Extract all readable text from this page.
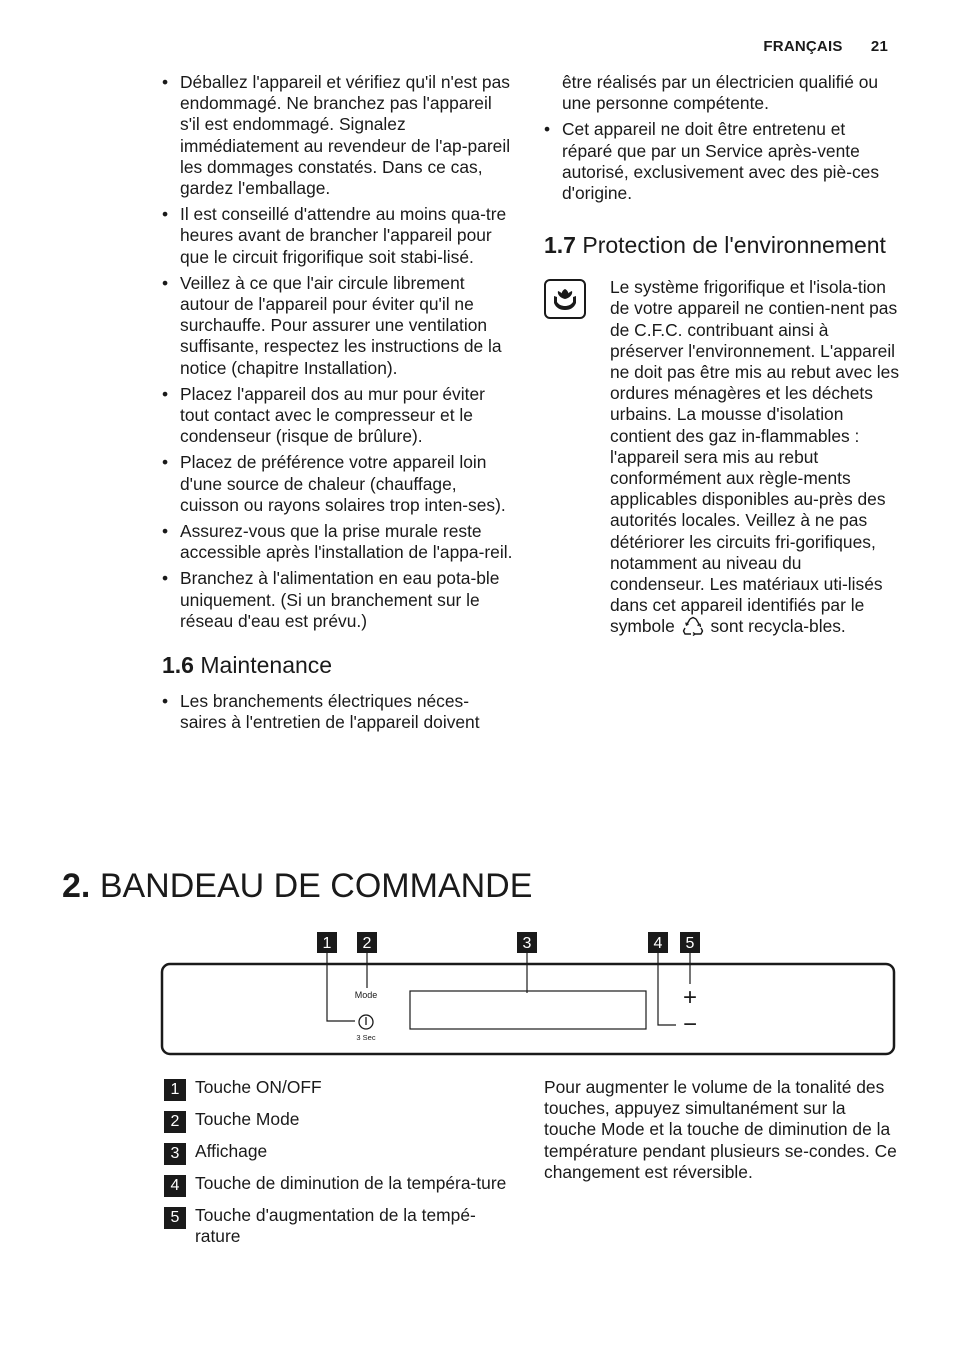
FRANÇAIS 21
• Déballez l'appareil et vérifiez qu'il n'est pas endommagé. Ne branchez pas l'appareil s'il est endommagé. Signalez immédiatement au revendeur de l'ap-pareil les dommages constatés. Dans ce cas, gardez l'emballage.
• Il est conseillé d'attendre au moins qua-tre heures avant de brancher l'appareil pour que le circuit frigorifique soit stabi-lisé.
• Veillez à ce que l'air circule librement autour de l'appareil pour éviter qu'il ne surchauffe. Pour assurer une ventilation suffisante, respectez les instructions de la notice (chapitre Installation).
• Placez l'appareil dos au mur pour éviter tout contact avec le compresseur et le condenseur (risque de brûlure).
• Placez de préférence votre appareil loin d'une source de chaleur (chauffage, cuisson ou rayons solaires trop inten-ses).
• Assurez-vous que la prise murale reste accessible après l'installation de l'appa-reil.
• Branchez à l'alimentation en eau pota-ble uniquement. (Si un branchement sur le réseau d'eau est prévu.)
1.6 Maintenance
• Les branchements électriques néces-saires à l'entretien de l'appareil doivent

être réalisés par un électricien qualifié ou une personne compétente.

• Cet appareil ne doit être entretenu et réparé que par un Service après-vente autorisé, exclusivement avec des piè-ces d'origine.
1.7 Protection de l'environnement

Le système frigorifique et l'isola-tion de votre appareil ne contien-nent pas de C.F.C. contribuant ainsi à préserver l'environnement. L'appareil ne doit pas être mis au rebut avec les ordures ménagères et les déchets urbains. La mousse d'isolation contient des gaz in-flammables : l'appareil sera mis au rebut conformément aux règle-ments applicables disponibles au-près des autorités locales. Veillez à ne pas détériorer les circuits fri-gorifiques, notamment au niveau du condenseur. Les matériaux uti-lisés dans cet appareil identifiés par le symbole sont recycla-bles.

2. BANDEAU DE COMMANDE
1 2	3	4 5
Mode
3 Sec
+
−
1 Touche ON/OFF
2 Touche Mode
3 Affichage
4 Touche de diminution de la tempéra-ture
5 Touche d'augmentation de la tempé-rature

Pour augmenter le volume de la tonalité des touches, appuyez simultanément sur la touche Mode et la touche de diminution de la température pendant plusieurs se-condes. Ce changement est réversible.
